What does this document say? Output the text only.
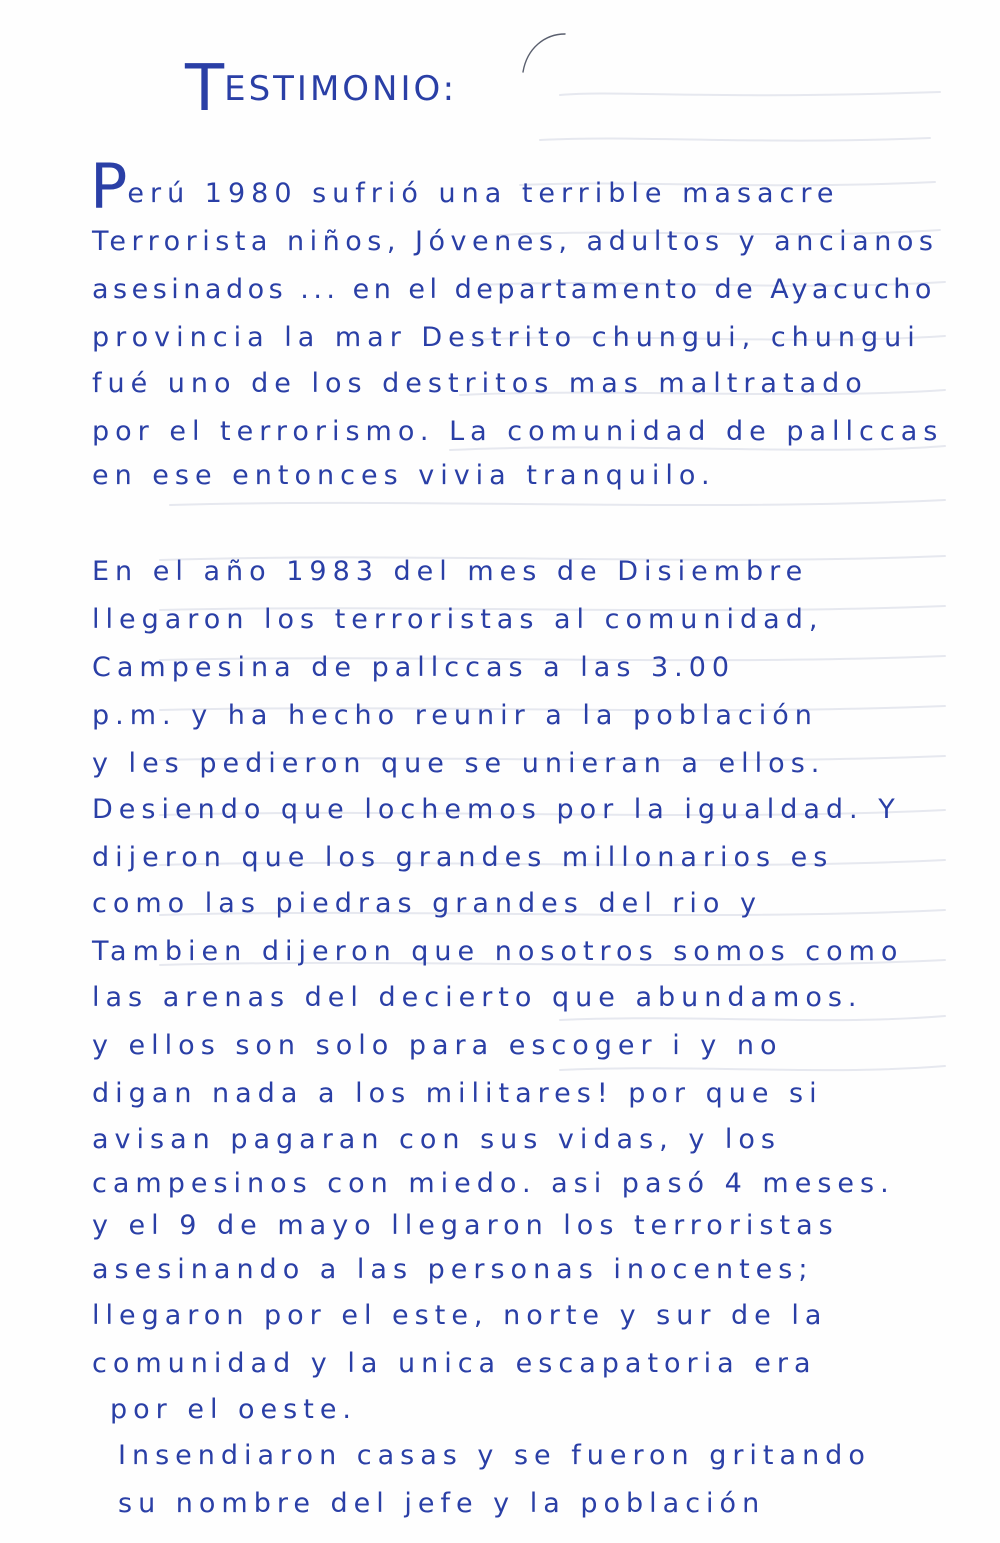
TESTIMONIO:
Perú 1980 sufrió una terrible masacre
Terrorista niños, Jóvenes, adultos y ancianos
asesinados ... en el departamento de Ayacucho
provincia la mar Destrito chungui, chungui
fué uno de los destritos mas maltratado
por el terrorismo. La comunidad de pallccas
en ese entonces vivia tranquilo.
En el año 1983 del mes de Disiembre
llegaron los terroristas al comunidad,
Campesina de pallccas a las 3.00
p.m. y ha hecho reunir a la población
y les pedieron que se unieran a ellos.
Desiendo que lochemos por la igualdad. Y
dijeron que los grandes millonarios es
como las piedras grandes del rio y
Tambien dijeron que nosotros somos como
las arenas del decierto que abundamos.
y ellos son solo para escoger i y no
digan nada a los militares! por que si
avisan pagaran con sus vidas, y los
campesinos con miedo. asi pasó 4 meses.
y el 9 de mayo llegaron los terroristas
asesinando a las personas inocentes;
llegaron por el este, norte y sur de la
comunidad y la unica escapatoria era
por el oeste.
Insendiaron casas y se fueron gritando
su nombre del jefe y la población
